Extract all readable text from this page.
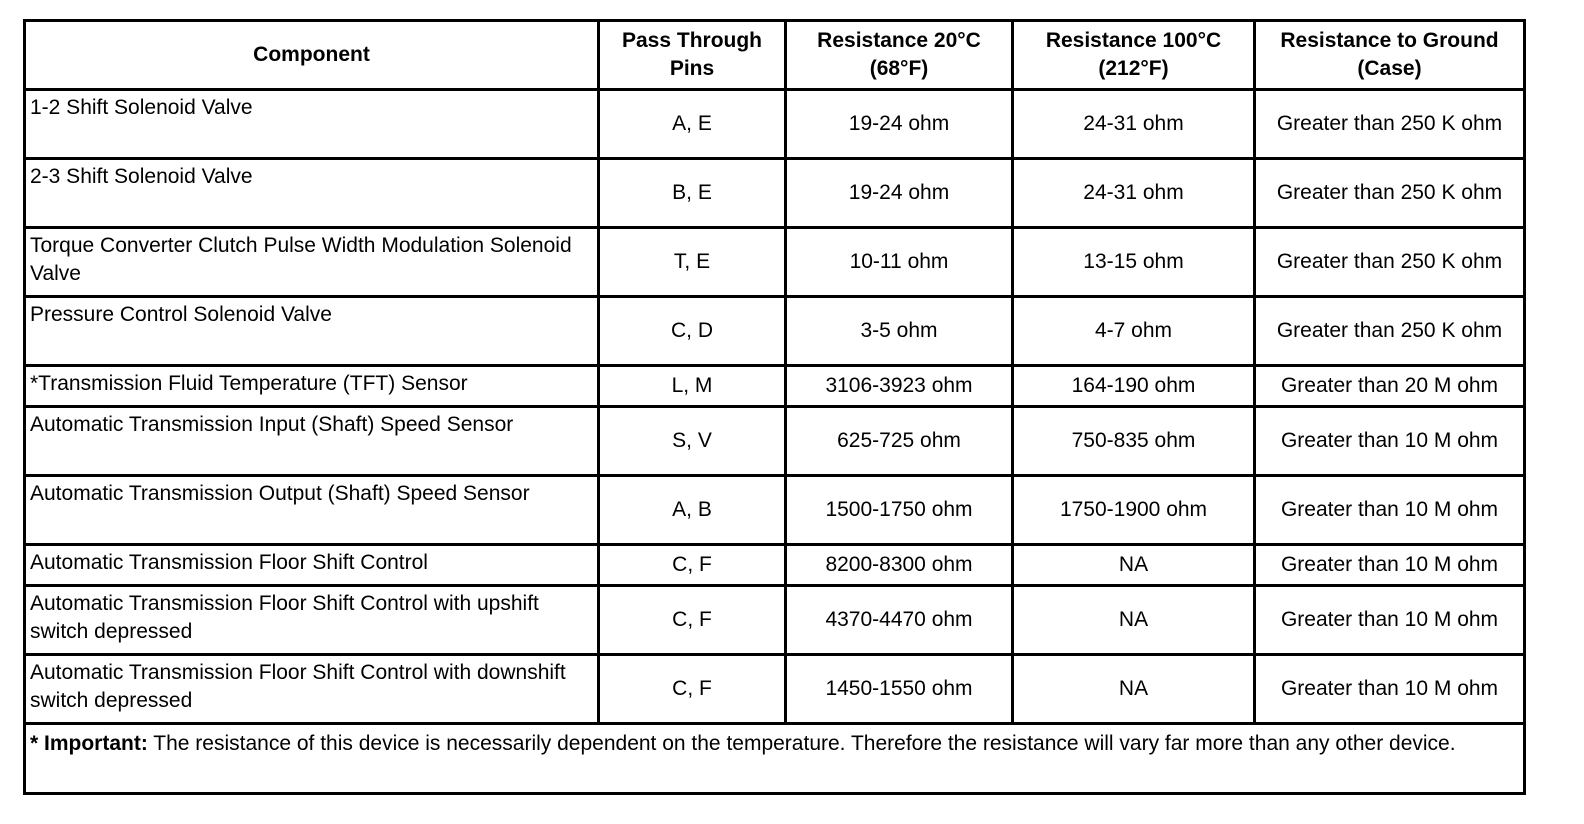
Component	Pass Through Pins	Resistance 20°C (68°F)	Resistance 100°C (212°F)	Resistance to Ground (Case)
1-2 Shift Solenoid Valve	A, E	19-24 ohm	24-31 ohm	Greater than 250 K ohm
2-3 Shift Solenoid Valve	B, E	19-24 ohm	24-31 ohm	Greater than 250 K ohm
Torque Converter Clutch Pulse Width Modulation Solenoid Valve	T, E	10-11 ohm	13-15 ohm	Greater than 250 K ohm
Pressure Control Solenoid Valve	C, D	3-5 ohm	4-7 ohm	Greater than 250 K ohm
*Transmission Fluid Temperature (TFT) Sensor	L, M	3106-3923 ohm	164-190 ohm	Greater than 20 M ohm
Automatic Transmission Input (Shaft) Speed Sensor	S, V	625-725 ohm	750-835 ohm	Greater than 10 M ohm
Automatic Transmission Output (Shaft) Speed Sensor	A, B	1500-1750 ohm	1750-1900 ohm	Greater than 10 M ohm
Automatic Transmission Floor Shift Control	C, F	8200-8300 ohm	NA	Greater than 10 M ohm
Automatic Transmission Floor Shift Control with upshift switch depressed	C, F	4370-4470 ohm	NA	Greater than 10 M ohm
Automatic Transmission Floor Shift Control with downshift switch depressed	C, F	1450-1550 ohm	NA	Greater than 10 M ohm
* Important: The resistance of this device is necessarily dependent on the temperature. Therefore the resistance will vary far more than any other device.				
